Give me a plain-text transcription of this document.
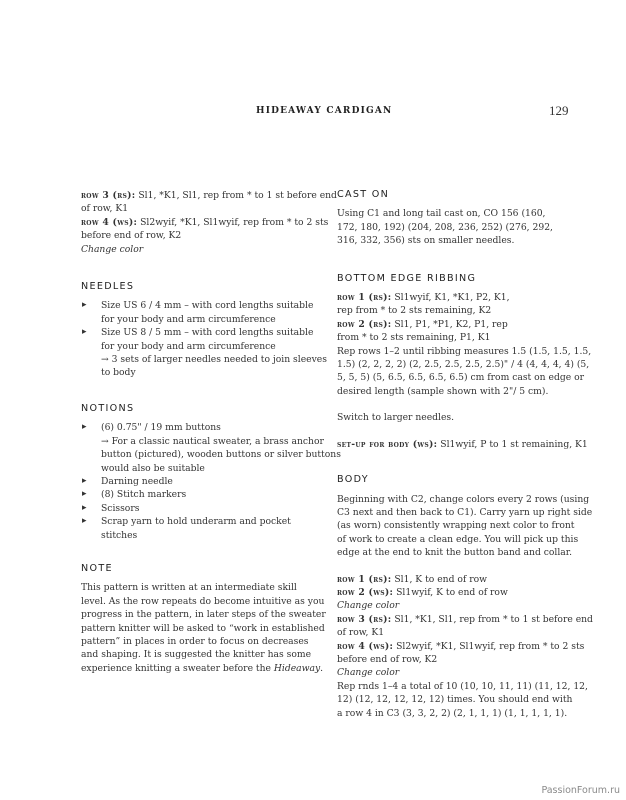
HIDEAWAY CARDIGAN	129
row 3 (rs): Sl1, *K1, Sl1, rep from * to 1 st before end
of row, K1
row 4 (ws): Sl2wyif, *K1, Sl1wyif, rep from * to 2 sts
before end of row, K2
Change color
NEEDLES
▸ Size US 6 / 4 mm – with cord lengths suitable
for your body and arm circumference
▸ Size US 8 / 5 mm – with cord lengths suitable
for your body and arm circumference
→ 3 sets of larger needles needed to join sleeves
to body
NOTIONS
▸ (6) 0.75" / 19 mm buttons
→ For a classic nautical sweater, a brass anchor
button (pictured), wooden buttons or silver buttons
would also be suitable
▸ Darning needle
▸ (8) Stitch markers
▸ Scissors
▸ Scrap yarn to hold underarm and pocket stitches
NOTE
This pattern is written at an intermediate skill
level. As the row repeats do become intuitive as you
progress in the pattern, in later steps of the sweater
pattern knitter will be asked to “work in established
pattern” in places in order to focus on decreases
and shaping. It is suggested the knitter has some
experience knitting a sweater before the Hideaway.
CAST ON
Using C1 and long tail cast on, CO 156 (160,
172, 180, 192) (204, 208, 236, 252) (276, 292,
316, 332, 356) sts on smaller needles.
BOTTOM EDGE RIBBING
row 1 (rs): Sl1wyif, K1, *K1, P2, K1,
rep from * to 2 sts remaining, K2
row 2 (rs): Sl1, P1, *P1, K2, P1, rep
from * to 2 sts remaining, P1, K1
Rep rows 1–2 until ribbing measures 1.5 (1.5, 1.5, 1.5,
1.5) (2, 2, 2, 2) (2, 2.5, 2.5, 2.5, 2.5)" / 4 (4, 4, 4, 4) (5,
5, 5, 5) (5, 6.5, 6.5, 6.5, 6.5) cm from cast on edge or
desired length (sample shown with 2"/ 5 cm).
Switch to larger needles.
set-up for body (ws): Sl1wyif, P to 1 st remaining, K1
BODY
Beginning with C2, change colors every 2 rows (using
C3 next and then back to C1). Carry yarn up right side
(as worn) consistently wrapping next color to front
of work to create a clean edge. You will pick up this
edge at the end to knit the button band and collar.
row 1 (rs): Sl1, K to end of row
row 2 (ws): Sl1wyif, K to end of row
Change color
row 3 (rs): Sl1, *K1, Sl1, rep from * to 1 st before end
of row, K1
row 4 (ws): Sl2wyif, *K1, Sl1wyif, rep from * to 2 sts
before end of row, K2
Change color
Rep rnds 1–4 a total of 10 (10, 10, 11, 11) (11, 12, 12,
12) (12, 12, 12, 12, 12) times. You should end with
a row 4 in C3 (3, 3, 2, 2) (2, 1, 1, 1) (1, 1, 1, 1, 1).
PassionForum.ru
